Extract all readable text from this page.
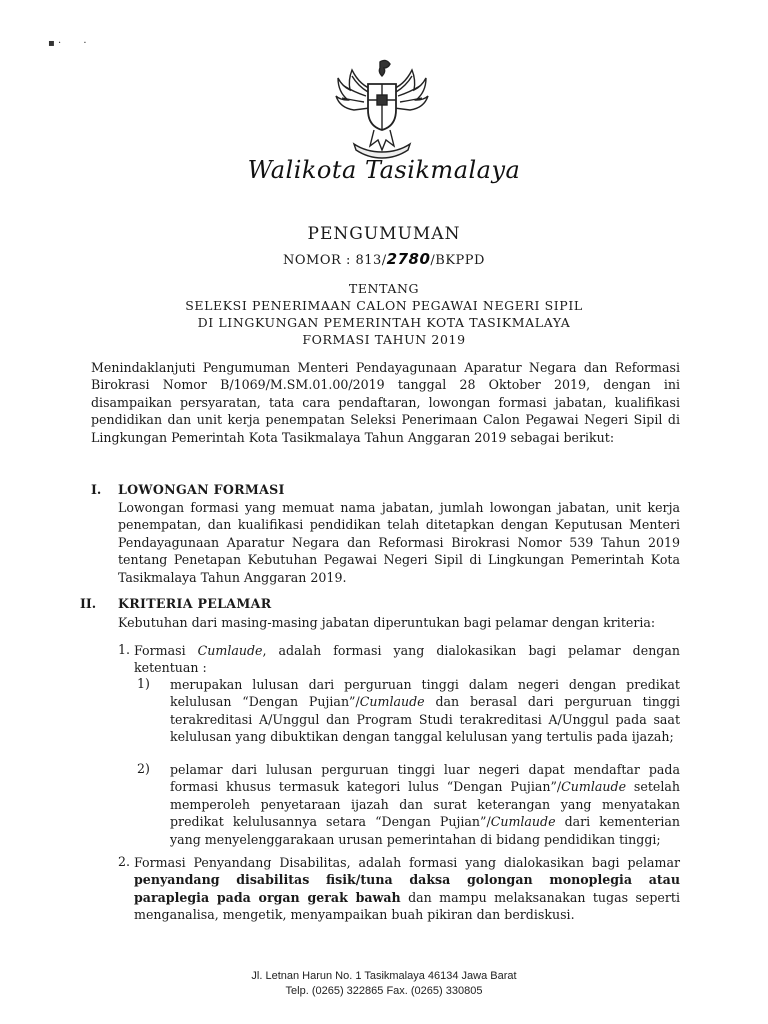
▪ ·       ·
Walikota Tasikmalaya
PENGUMUMAN
NOMOR : 813/2780/BKPPD
TENTANG
SELEKSI PENERIMAAN CALON PEGAWAI NEGERI SIPIL
DI LINGKUNGAN PEMERINTAH KOTA TASIKMALAYA
FORMASI TAHUN 2019
Menindaklanjuti Pengumuman Menteri Pendayagunaan Aparatur Negara dan Reformasi Birokrasi Nomor B/1069/M.SM.01.00/2019 tanggal 28 Oktober 2019, dengan ini disampaikan persyaratan, tata cara pendaftaran, lowongan formasi jabatan, kualifikasi pendidikan dan unit kerja penempatan Seleksi Penerimaan Calon Pegawai Negeri Sipil di Lingkungan Pemerintah Kota Tasikmalaya Tahun Anggaran 2019 sebagai berikut:
I. LOWONGAN FORMASI
Lowongan formasi yang memuat nama jabatan, jumlah lowongan jabatan, unit kerja penempatan, dan kualifikasi pendidikan telah ditetapkan dengan Keputusan Menteri Pendayagunaan Aparatur Negara dan Reformasi Birokrasi Nomor 539 Tahun 2019 tentang Penetapan Kebutuhan Pegawai Negeri Sipil di Lingkungan Pemerintah Kota Tasikmalaya Tahun Anggaran 2019.
II. KRITERIA PELAMAR
Kebutuhan dari masing-masing jabatan diperuntukan bagi pelamar dengan kriteria:
1. Formasi Cumlaude, adalah formasi yang dialokasikan bagi pelamar dengan ketentuan :
1) merupakan lulusan dari perguruan tinggi dalam negeri dengan predikat kelulusan “Dengan Pujian”/Cumlaude dan berasal dari perguruan tinggi terakreditasi A/Unggul dan Program Studi terakreditasi A/Unggul pada saat kelulusan yang dibuktikan dengan tanggal kelulusan yang tertulis pada ijazah;
2) pelamar dari lulusan perguruan tinggi luar negeri dapat mendaftar pada formasi khusus termasuk kategori lulus “Dengan Pujian”/Cumlaude setelah memperoleh penyetaraan ijazah dan surat keterangan yang menyatakan predikat kelulusannya setara “Dengan Pujian”/Cumlaude dari kementerian yang menyelenggarakaan urusan pemerintahan di bidang pendidikan tinggi;
2. Formasi Penyandang Disabilitas, adalah formasi yang dialokasikan bagi pelamar penyandang disabilitas fisik/tuna daksa golongan monoplegia atau paraplegia pada organ gerak bawah dan mampu melaksanakan tugas seperti menganalisa, mengetik, menyampaikan buah pikiran dan berdiskusi.
Jl. Letnan Harun No. 1 Tasikmalaya 46134 Jawa Barat
Telp. (0265) 322865 Fax. (0265) 330805
